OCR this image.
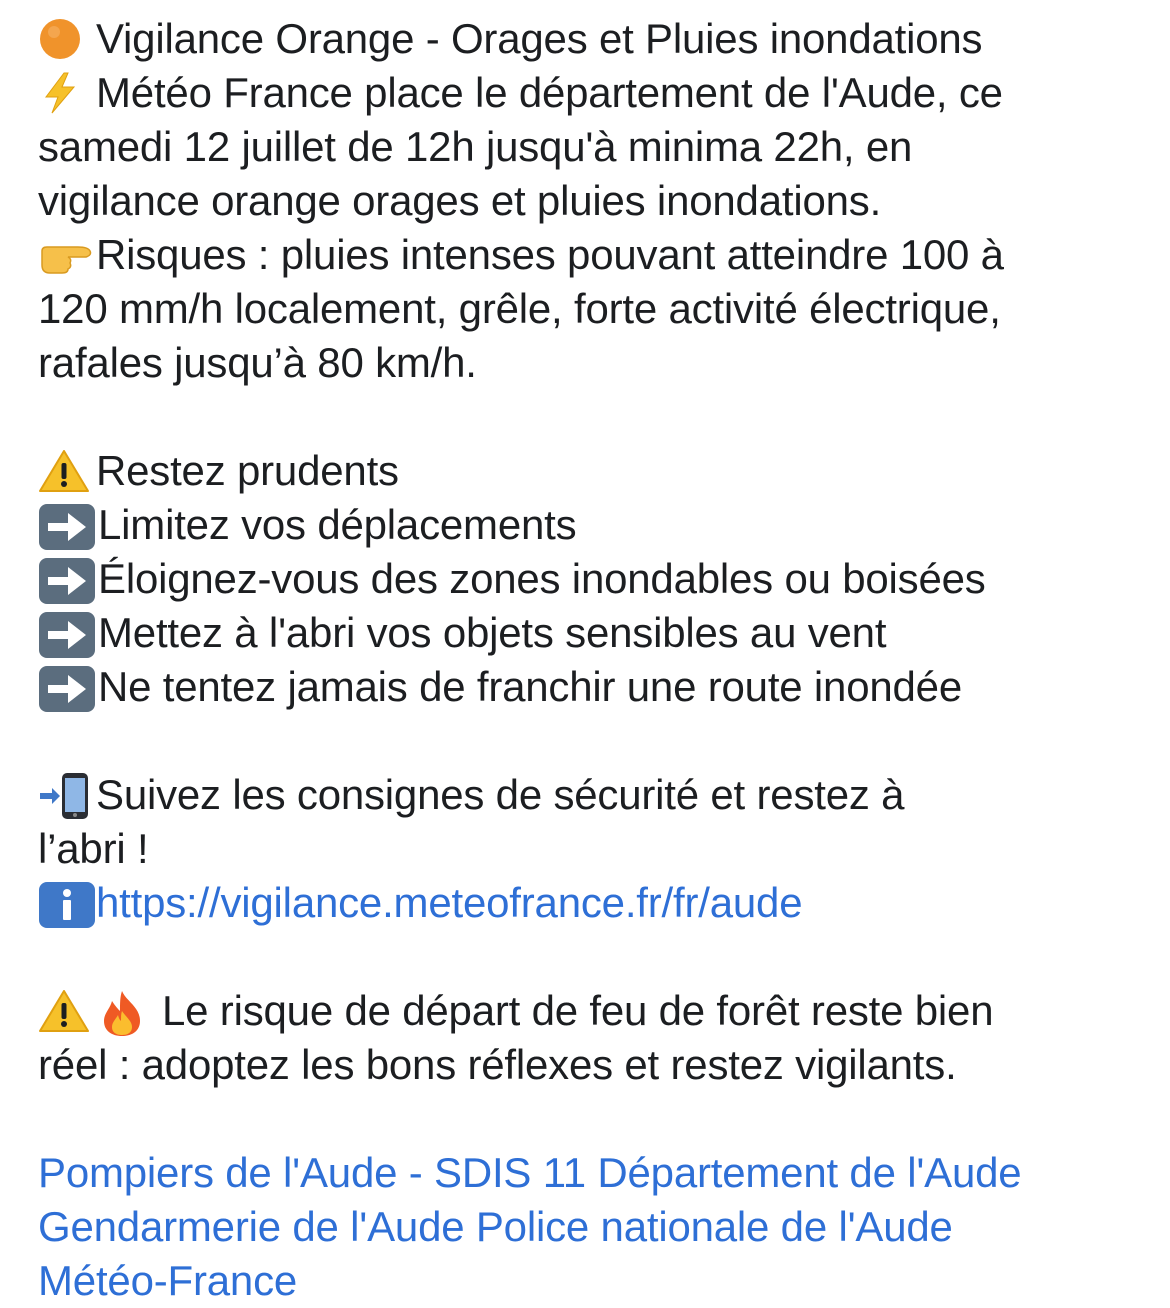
Vigilance Orange - Orages et Pluies inondations
Météo France place le département de l'Aude, ce
samedi 12 juillet de 12h jusqu'à minima 22h, en
vigilance orange orages et pluies inondations.
Risques : pluies intenses pouvant atteindre 100 à
120 mm/h localement, grêle, forte activité électrique,
rafales jusqu’à 80 km/h.
Restez prudents
Limitez vos déplacements
Éloignez-vous des zones inondables ou boisées
Mettez à l'abri vos objets sensibles au vent
Ne tentez jamais de franchir une route inondée
Suivez les consignes de sécurité et restez à
l’abri !
https://vigilance.meteofrance.fr/fr/aude
Le risque de départ de feu de forêt reste bien
réel : adoptez les bons réflexes et restez vigilants.
Pompiers de l'Aude - SDIS 11 Département de l'Aude
Gendarmerie de l'Aude Police nationale de l'Aude
Météo-France
